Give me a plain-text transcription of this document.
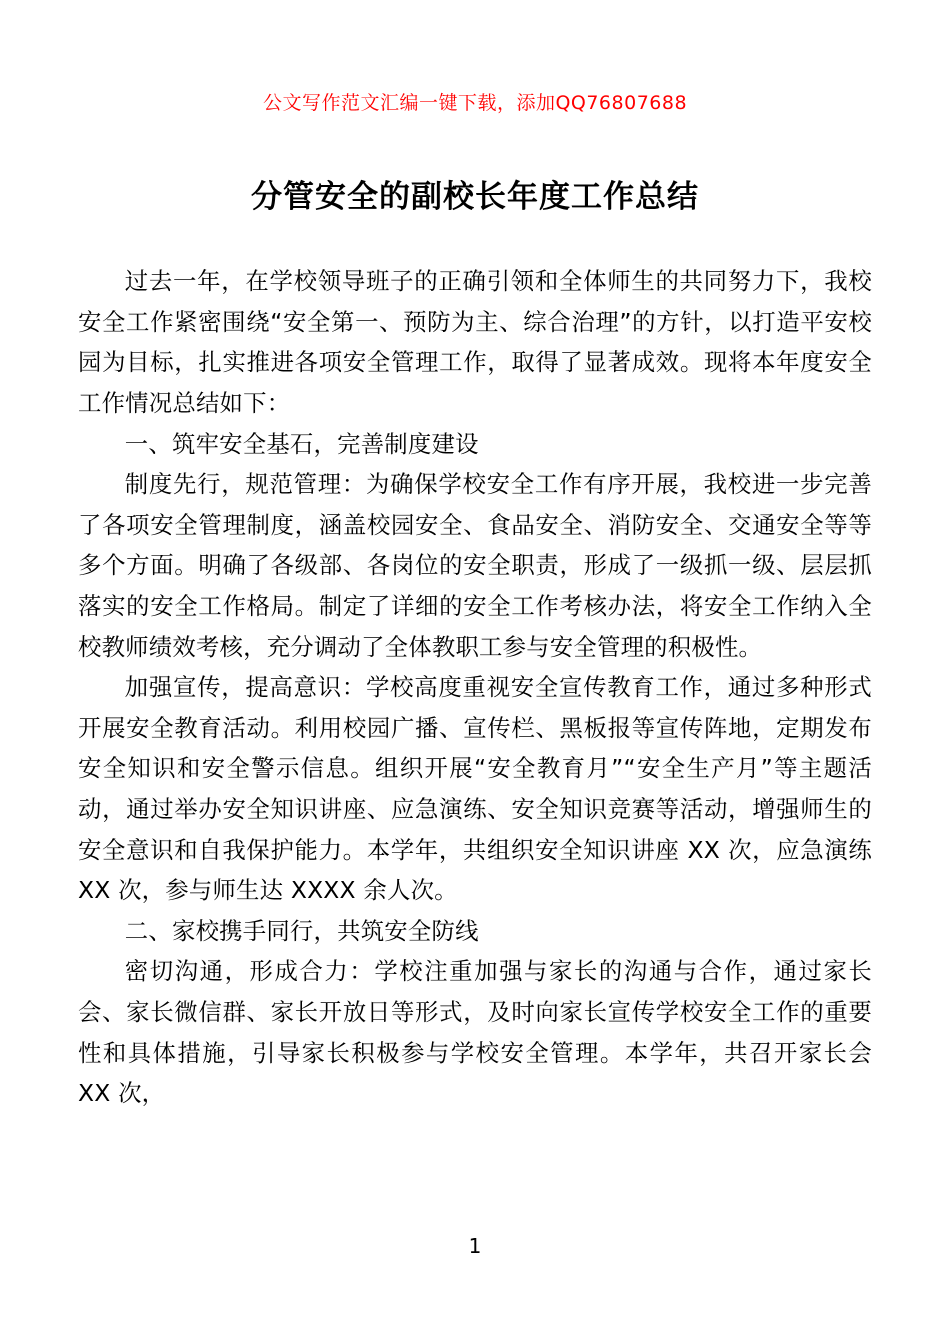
公文写作范文汇编一键下载，添加QQ76807688
分管安全的副校长年度工作总结

过去一年，在学校领导班子的正确引领和全体师生的共同努力下，我校安全工作紧密围绕“安全第一、预防为主、综合治理”的方针，以打造平安校园为目标，扎实推进各项安全管理工作，取得了显著成效。现将本年度安全工作情况总结如下：

一、筑牢安全基石，完善制度建设

制度先行，规范管理：为确保学校安全工作有序开展，我校进一步完善了各项安全管理制度，涵盖校园安全、食品安全、消防安全、交通安全等等多个方面。明确了各级部、各岗位的安全职责，形成了一级抓一级、层层抓落实的安全工作格局。制定了详细的安全工作考核办法，将安全工作纳入全校教师绩效考核，充分调动了全体教职工参与安全管理的积极性。

加强宣传，提高意识：学校高度重视安全宣传教育工作，通过多种形式开展安全教育活动。利用校园广播、宣传栏、黑板报等宣传阵地，定期发布安全知识和安全警示信息。组织开展“安全教育月”“安全生产月”等主题活动，通过举办安全知识讲座、应急演练、安全知识竞赛等活动，增强师生的安全意识和自我保护能力。本学年，共组织安全知识讲座 XX 次，应急演练 XX 次，参与师生达 XXXX 余人次。

二、家校携手同行，共筑安全防线

密切沟通，形成合力：学校注重加强与家长的沟通与合作，通过家长会、家长微信群、家长开放日等形式，及时向家长宣传学校安全工作的重要性和具体措施，引导家长积极参与学校安全管理。本学年，共召开家长会 XX 次，

1
